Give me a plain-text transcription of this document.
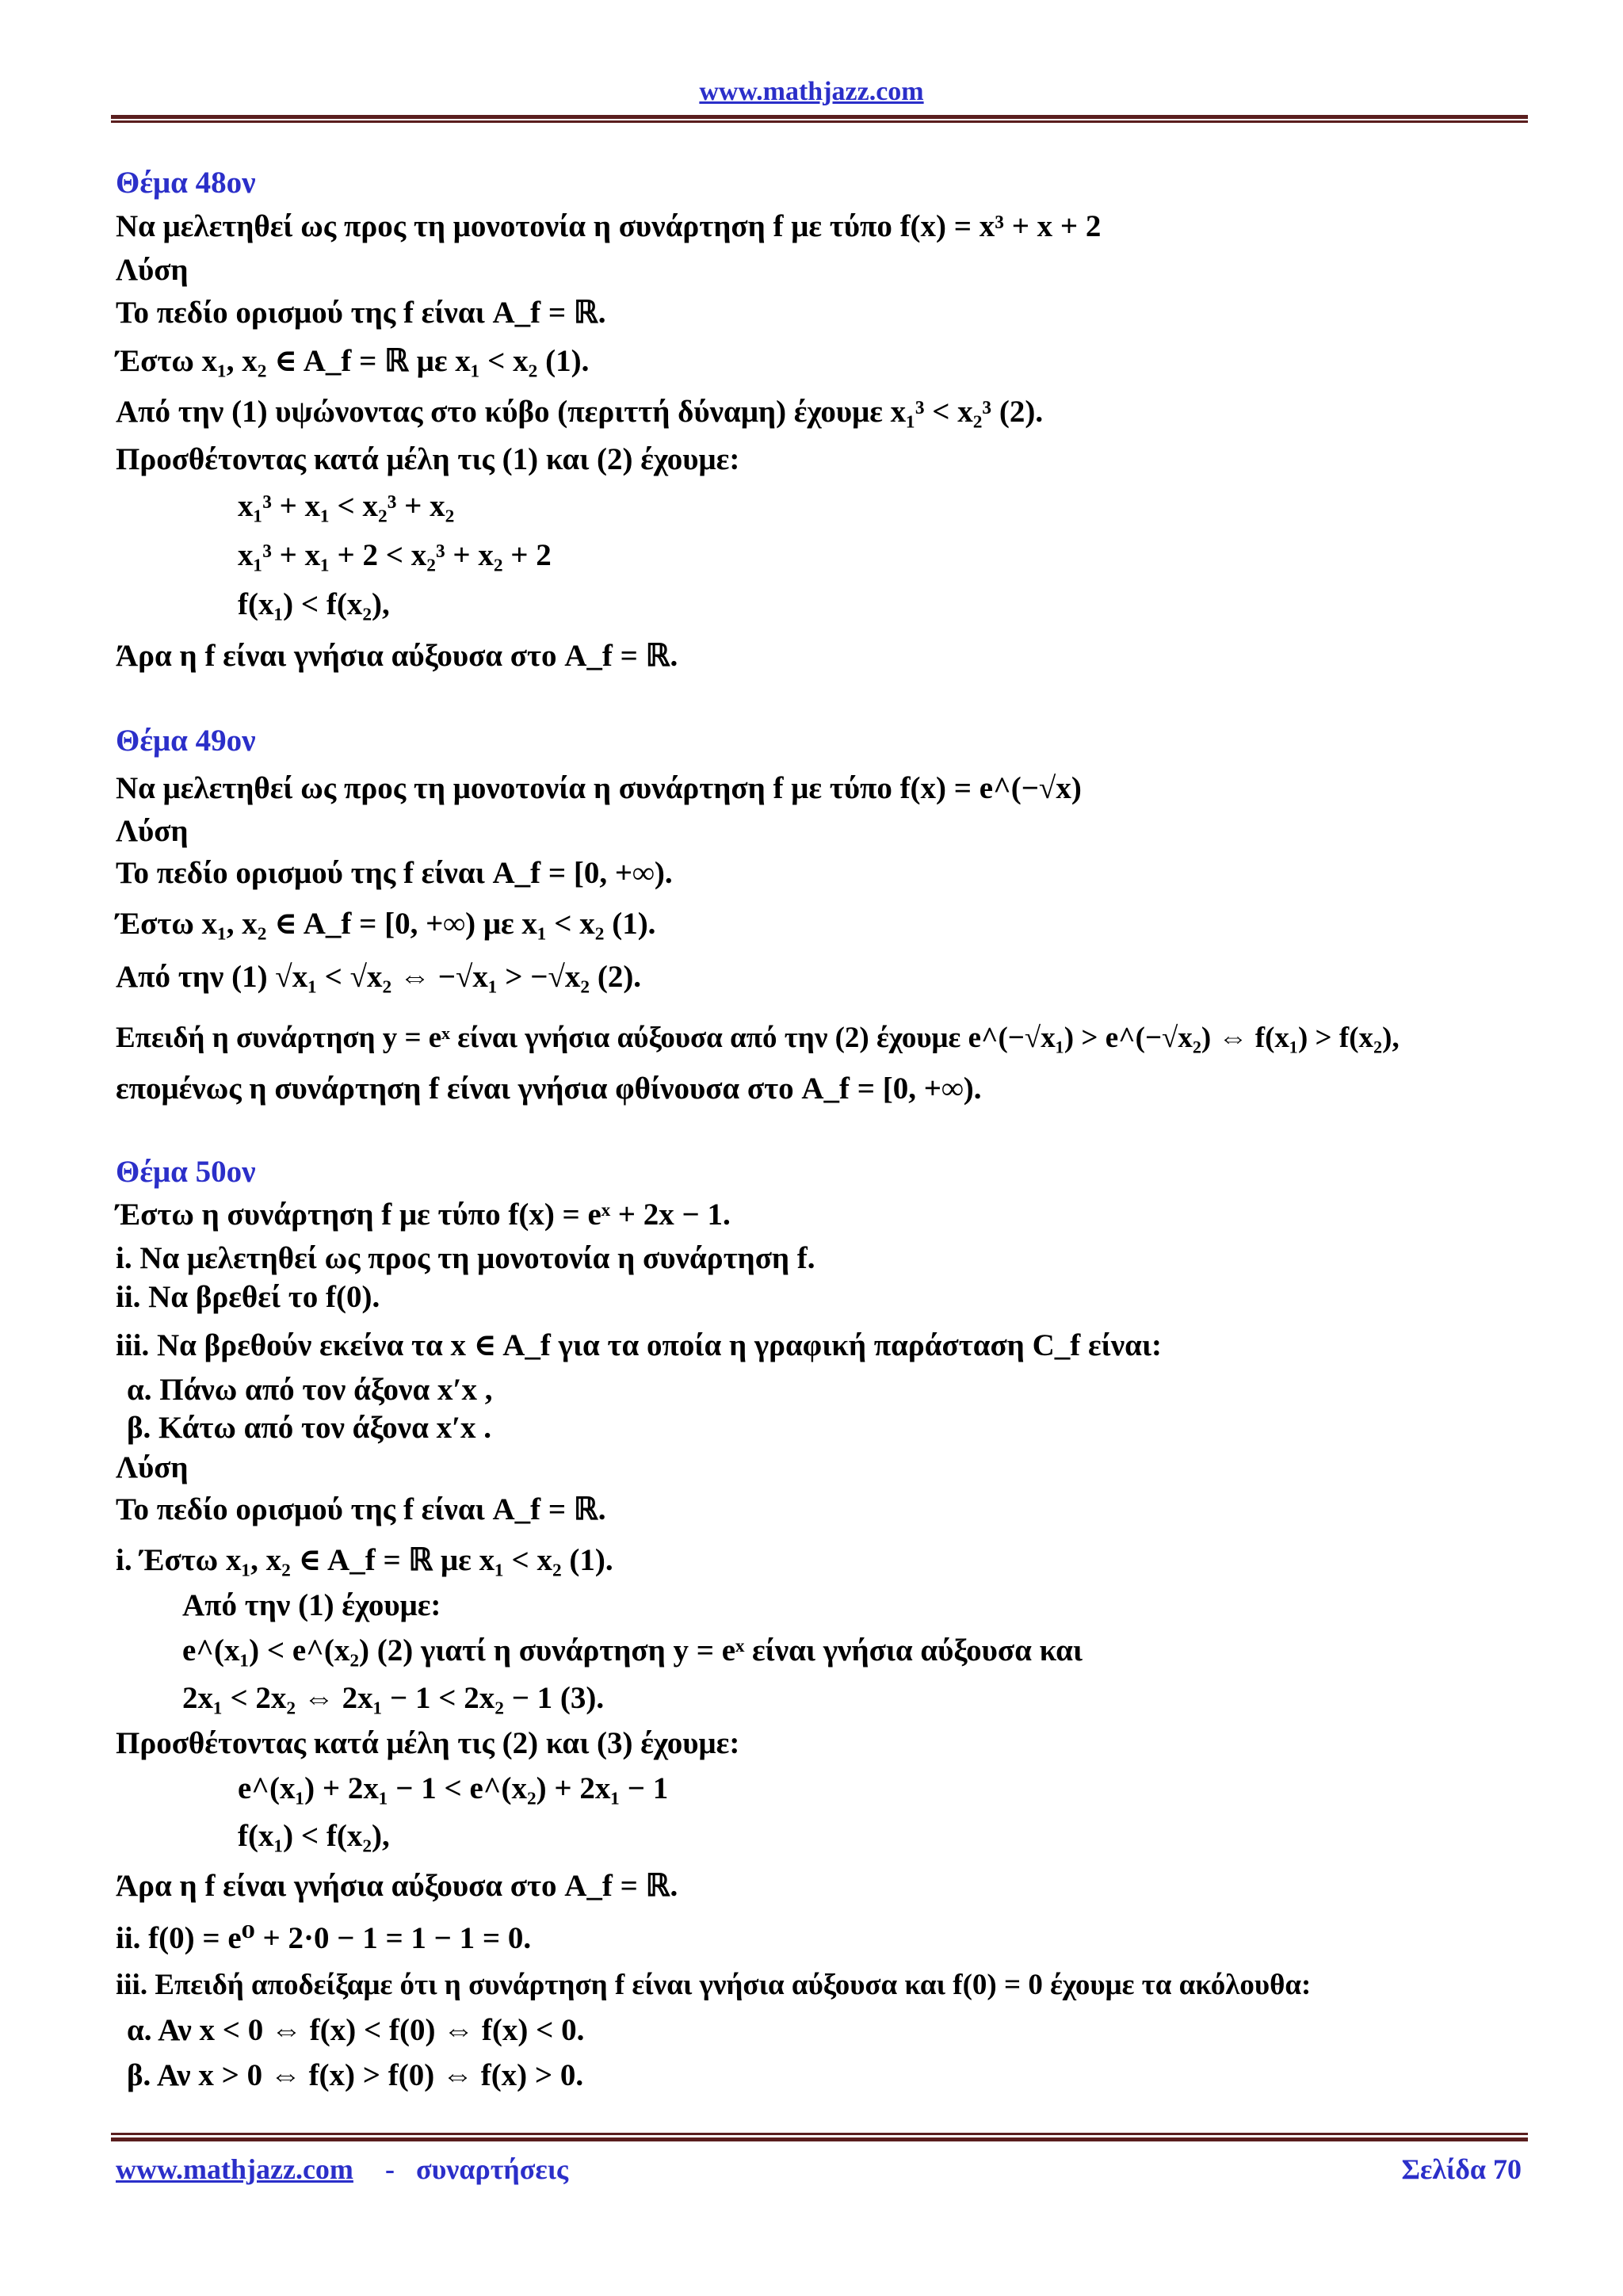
www.mathjazz.com
Θέμα 48ον
Να μελετηθεί ως προς τη μονοτονία η συνάρτηση f με τύπο f(x) = x³ + x + 2
Λύση
Το πεδίο ορισμού της f είναι A_f = ℝ.
Έστω x₁, x₂ ∈ A_f = ℝ με x₁ < x₂ (1).
Από την (1) υψώνοντας στο κύβο (περιττή δύναμη) έχουμε x₁³ < x₂³ (2).
Προσθέτοντας κατά μέλη τις (1) και (2) έχουμε:
x₁³ + x₁ < x₂³ + x₂
x₁³ + x₁ + 2 < x₂³ + x₂ + 2
f(x₁) < f(x₂),
Άρα η f είναι γνήσια αύξουσα στο A_f = ℝ.
Θέμα 49ον
Να μελετηθεί ως προς τη μονοτονία η συνάρτηση f με τύπο f(x) = e^(−√x)
Λύση
Το πεδίο ορισμού της f είναι A_f = [0, +∞).
Έστω x₁, x₂ ∈ A_f = [0, +∞) με x₁ < x₂ (1).
Από την (1) √x₁ < √x₂ ⇔ −√x₁ > −√x₂ (2).
Επειδή η συνάρτηση y = eˣ είναι γνήσια αύξουσα από την (2) έχουμε e^(−√x₁) > e^(−√x₂) ⇔ f(x₁) > f(x₂),
επομένως η συνάρτηση f είναι γνήσια φθίνουσα στο A_f = [0, +∞).
Θέμα 50ον
Έστω η συνάρτηση f με τύπο f(x) = eˣ + 2x − 1.
i. Να μελετηθεί ως προς τη μονοτονία η συνάρτηση f.
ii. Να βρεθεί το f(0).
iii. Να βρεθούν εκείνα τα x ∈ A_f για τα οποία η γραφική παράσταση C_f είναι:
α. Πάνω από τον άξονα x′x ,
β. Κάτω από τον άξονα x′x .
Λύση
Το πεδίο ορισμού της f είναι A_f = ℝ.
i. Έστω x₁, x₂ ∈ A_f = ℝ με x₁ < x₂ (1).
Από την (1) έχουμε:
e^(x₁) < e^(x₂) (2) γιατί η συνάρτηση y = eˣ είναι γνήσια αύξουσα και
2x₁ < 2x₂ ⇔ 2x₁ − 1 < 2x₂ − 1 (3).
Προσθέτοντας κατά μέλη τις (2) και (3) έχουμε:
e^(x₁) + 2x₁ − 1 < e^(x₂) + 2x₁ − 1
f(x₁) < f(x₂),
Άρα η f είναι γνήσια αύξουσα στο A_f = ℝ.
ii. f(0) = e⁰ + 2·0 − 1 = 1 − 1 = 0.
iii. Επειδή αποδείξαμε ότι η συνάρτηση f είναι γνήσια αύξουσα και f(0) = 0 έχουμε τα ακόλουθα:
α. Αν x < 0 ⇔ f(x) < f(0) ⇔ f(x) < 0.
β. Αν x > 0 ⇔ f(x) > f(0) ⇔ f(x) > 0.
www.mathjazz.com - συναρτήσεις	Σελίδα 70
